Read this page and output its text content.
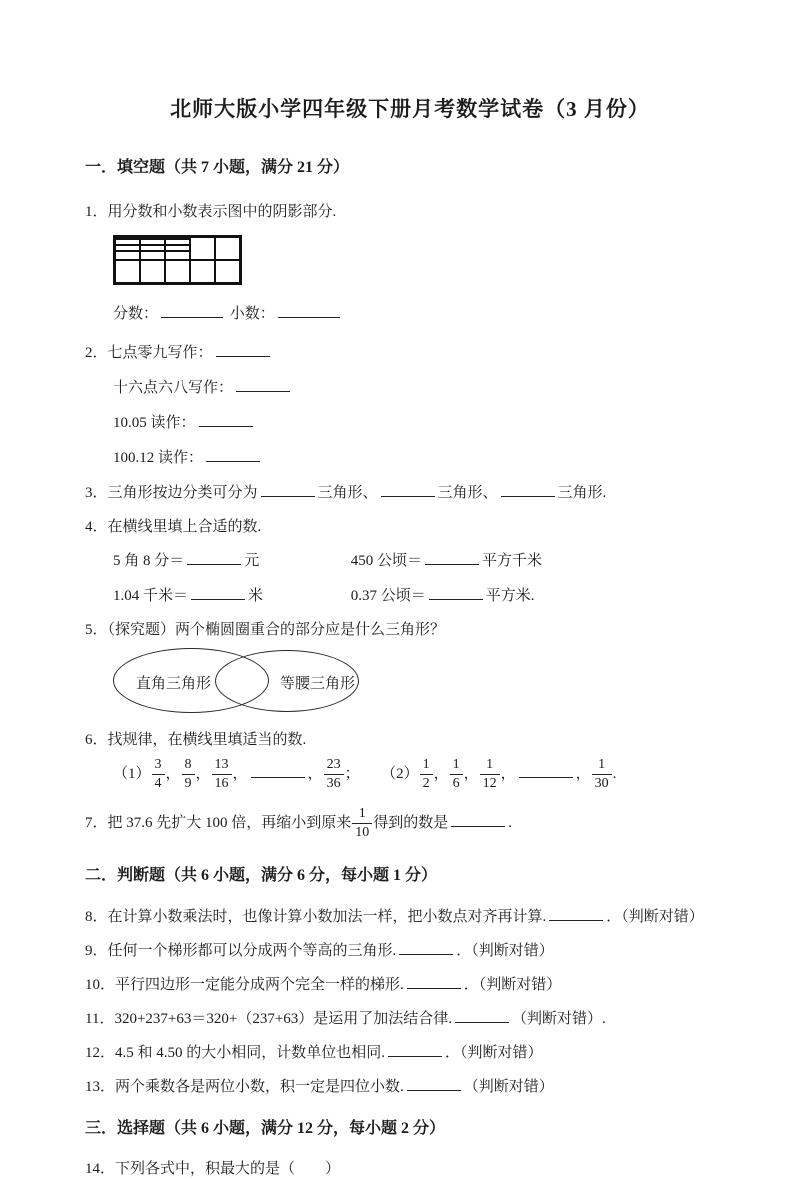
北师大版小学四年级下册月考数学试卷（3 月份）
一．填空题（共 7 小题，满分 21 分）
1．用分数和小数表示图中的阴影部分.
分数：	小数：
2．七点零九写作：
十六点六八写作：
10.05 读作：
100.12 读作：
3．三角形按边分类可分为	三角形、	三角形、	三角形.
4．在横线里填上合适的数.
5 角 8 分＝	元	450 公顷＝	平方千米
1.04 千米＝	米	0.37 公顷＝	平方米.
5．（探究题）两个椭圆圈重合的部分应是什么三角形？
直角三角形	等腰三角形
6．找规律，在横线里填适当的数.
$(1) \frac{3}{4}$ ， $\frac{8}{9}$ ， $\frac{13}{16}$ ，	， $\frac{23}{36}$ ； $(2) \frac{1}{2}$ ， $\frac{1}{6}$ ， $\frac{1}{12}$ ，	， $\frac{1}{30}$ .
7．把 37.6 先扩大 100 倍，再缩小到原来 $\frac{1}{10}$ 得到的数是	.
二．判断题（共 6 小题，满分 6 分，每小题 1 分）
8．在计算小数乘法时，也像计算小数加法一样，把小数点对齐再计算.	．（判断对错）
9．任何一个梯形都可以分成两个等高的三角形.	．（判断对错）
10．平行四边形一定能分成两个完全一样的梯形.	．（判断对错）
11．320+237+63＝320+（237+63）是运用了加法结合律.	（判断对错）.
12．4.5 和 4.50 的大小相同，计数单位也相同.	．（判断对错）
13．两个乘数各是两位小数，积一定是四位小数.	（判断对错）
三．选择题（共 6 小题，满分 12 分，每小题 2 分）
14．下列各式中，积最大的是（　　）
